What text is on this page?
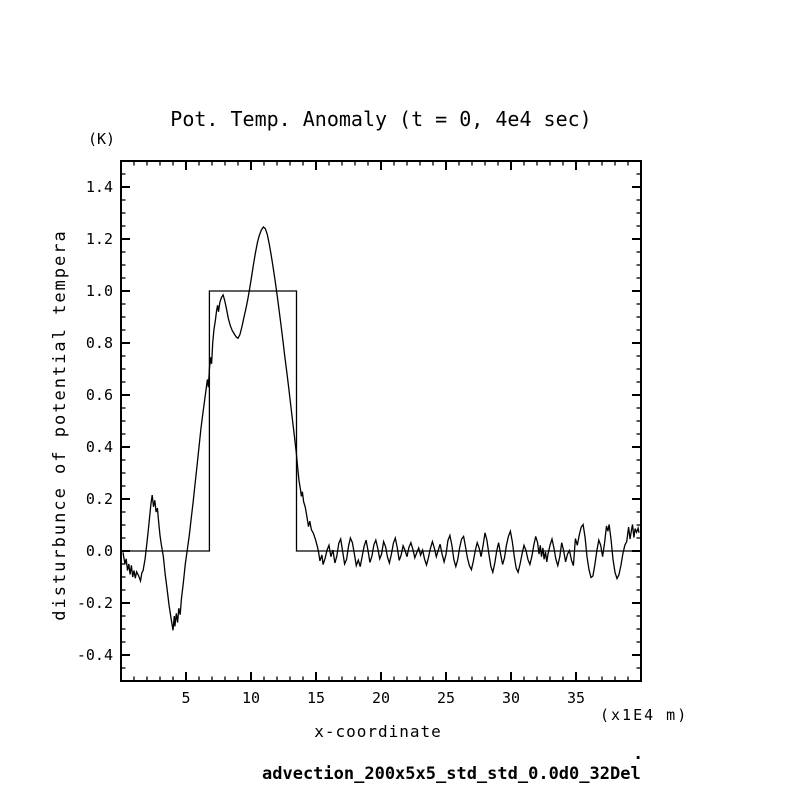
Pot. Temp. Anomaly (t = 0, 4e4 sec)
(K)
disturbunce of potential tempera
5	10	15	20	25	30	35
-0.4
-0.2
0.0
0.2
0.4
0.6
0.8
1.0
1.2
1.4
x-coordinate
(x1E4 m)
advection_200x5x5_std_std_0.0d0_32Del
.
